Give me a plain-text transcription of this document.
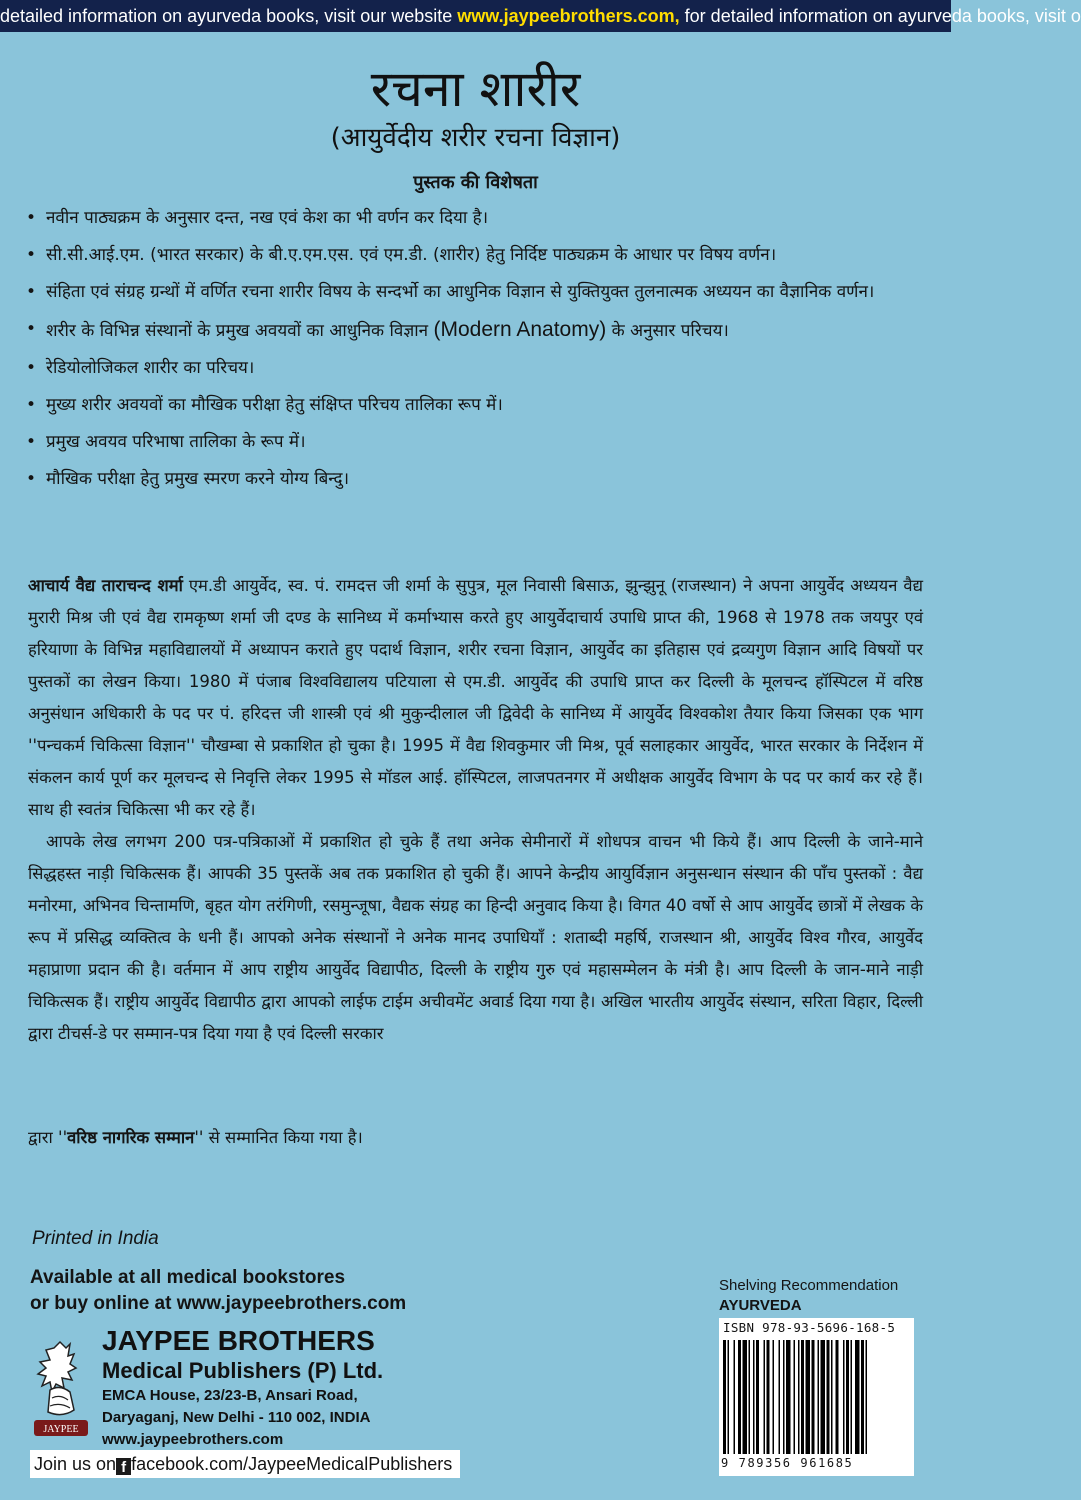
detailed information on ayurveda books, visit our website www.jaypeebrothers.com, for detailed information on ayurveda books, visit o
रचना शारीर
(आयुर्वेदीय शरीर रचना विज्ञान)
पुस्तक की विशेषता
• नवीन पाठ्यक्रम के अनुसार दन्त, नख एवं केश का भी वर्णन कर दिया है।
• सी.सी.आई.एम. (भारत सरकार) के बी.ए.एम.एस. एवं एम.डी. (शारीर) हेतु निर्दिष्ट पाठ्यक्रम के आधार पर विषय वर्णन।
• संहिता एवं संग्रह ग्रन्थों में वर्णित रचना शारीर विषय के सन्दर्भो का आधुनिक विज्ञान से युक्तियुक्त तुलनात्मक अध्ययन का वैज्ञानिक वर्णन।
• शरीर के विभिन्न संस्थानों के प्रमुख अवयवों का आधुनिक विज्ञान (Modern Anatomy) के अनुसार परिचय।
• रेडियोलोजिकल शारीर का परिचय।
• मुख्य शरीर अवयवों का मौखिक परीक्षा हेतु संक्षिप्त परिचय तालिका रूप में।
• प्रमुख अवयव परिभाषा तालिका के रूप में।
• मौखिक परीक्षा हेतु प्रमुख स्मरण करने योग्य बिन्दु।

आचार्य वैद्य ताराचन्द शर्मा एम.डी आयुर्वेद, स्व. पं. रामदत्त जी शर्मा के सुपुत्र, मूल निवासी बिसाऊ, झुन्झुनू (राजस्थान) ने अपना आयुर्वेद अध्ययन वैद्य मुरारी मिश्र जी एवं वैद्य रामकृष्ण शर्मा जी दण्ड के सानिध्य में कर्माभ्यास करते हुए आयुर्वेदाचार्य उपाधि प्राप्त की, 1968 से 1978 तक जयपुर एवं हरियाणा के विभिन्न महाविद्यालयों में अध्यापन कराते हुए पदार्थ विज्ञान, शरीर रचना विज्ञान, आयुर्वेद का इतिहास एवं द्रव्यगुण विज्ञान आदि विषयों पर पुस्तकों का लेखन किया। 1980 में पंजाब विश्वविद्यालय पटियाला से एम.डी. आयुर्वेद की उपाधि प्राप्त कर दिल्ली के मूलचन्द हॉस्पिटल में वरिष्ठ अनुसंधान अधिकारी के पद पर पं. हरिदत्त जी शास्त्री एवं श्री मुकुन्दीलाल जी द्विवेदी के सानिध्य में आयुर्वेद विश्वकोश तैयार किया जिसका एक भाग ''पन्चकर्म चिकित्सा विज्ञान'' चौखम्बा से प्रकाशित हो चुका है। 1995 में वैद्य शिवकुमार जी मिश्र, पूर्व सलाहकार आयुर्वेद, भारत सरकार के निर्देशन में संकलन कार्य पूर्ण कर मूलचन्द से निवृत्ति लेकर 1995 से मॉडल आई. हॉस्पिटल, लाजपतनगर में अधीक्षक आयुर्वेद विभाग के पद पर कार्य कर रहे हैं। साथ ही स्वतंत्र चिकित्सा भी कर रहे हैं।

आपके लेख लगभग 200 पत्र-पत्रिकाओं में प्रकाशित हो चुके हैं तथा अनेक सेमीनारों में शोधपत्र वाचन भी किये हैं। आप दिल्ली के जाने-माने सिद्धहस्त नाड़ी चिकित्सक हैं। आपकी 35 पुस्तकें अब तक प्रकाशित हो चुकी हैं। आपने केन्द्रीय आयुर्विज्ञान अनुसन्धान संस्थान की पाँच पुस्तकों : वैद्य मनोरमा, अभिनव चिन्तामणि, बृहत योग तरंगिणी, रसमुन्जूषा, वैद्यक संग्रह का हिन्दी अनुवाद किया है। विगत 40 वर्षो से आप आयुर्वेद छात्रों में लेखक के रूप में प्रसिद्ध व्यक्तित्व के धनी हैं। आपको अनेक संस्थानों ने अनेक मानद उपाधियाँ : शताब्दी महर्षि, राजस्थान श्री, आयुर्वेद विश्व गौरव, आयुर्वेद महाप्राणा प्रदान की है। वर्तमान में आप राष्ट्रीय आयुर्वेद विद्यापीठ, दिल्ली के राष्ट्रीय गुरु एवं महासम्मेलन के मंत्री है। आप दिल्ली के जान-माने नाड़ी चिकित्सक हैं। राष्ट्रीय आयुर्वेद विद्यापीठ द्वारा आपको लाईफ टाईम अचीवमेंट अवार्ड दिया गया है। अखिल भारतीय आयुर्वेद संस्थान, सरिता विहार, दिल्ली द्वारा टीचर्स-डे पर सम्मान-पत्र दिया गया है एवं दिल्ली सरकार

द्वारा ''वरिष्ठ नागरिक सम्मान'' से सम्मानित किया गया है।
Printed in India
Available at all medical bookstores
or buy online at www.jaypeebrothers.com
JAYPEE
JAYPEE BROTHERS
Medical Publishers (P) Ltd.
EMCA House, 23/23-B, Ansari Road,
Daryaganj, New Delhi - 110 002, INDIA
www.jaypeebrothers.com
Join us on f facebook.com/JaypeeMedicalPublishers
Shelving Recommendation
AYURVEDA
ISBN 978-93-5696-168-5
9 789356 961685
